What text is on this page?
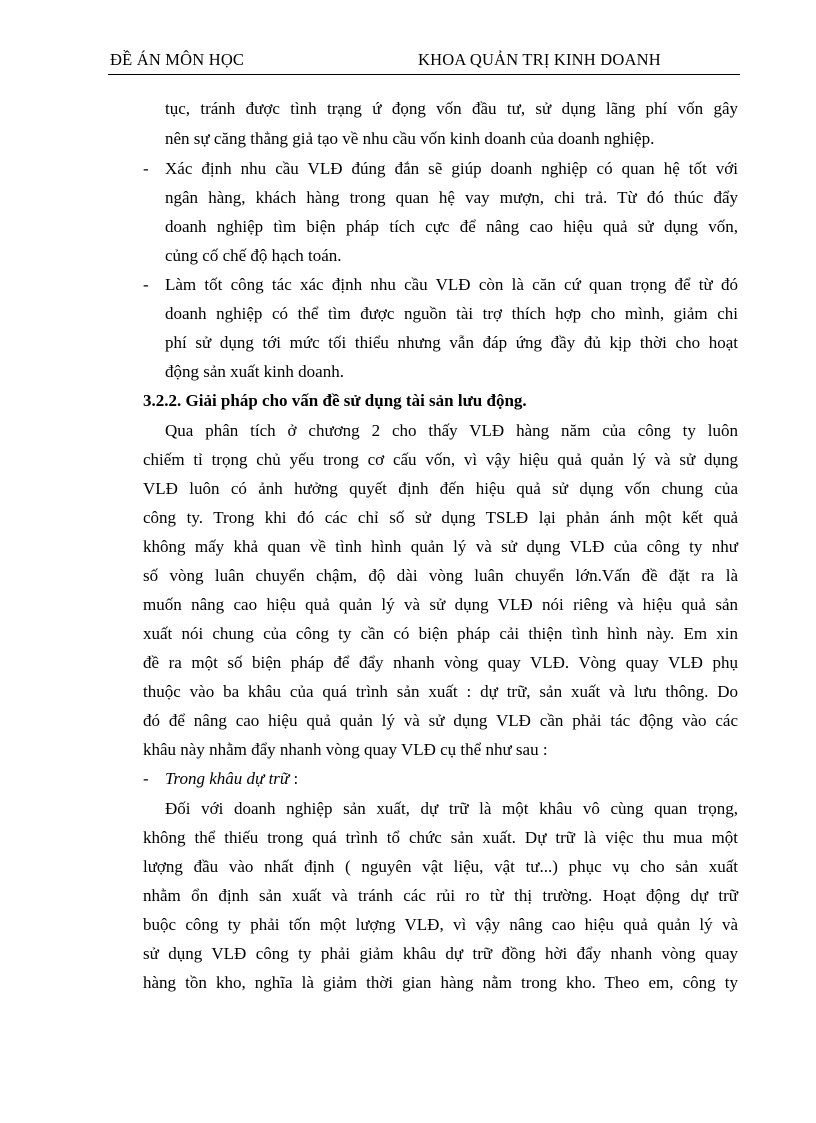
ĐỀ ÁN MÔN HỌC	KHOA QUẢN TRỊ KINH DOANH
tục, tránh được tình trạng ứ đọng vốn đầu tư, sử dụng lãng phí vốn gây
nên sự căng thẳng giả tạo về nhu cầu vốn kinh doanh của doanh nghiệp.
- Xác định nhu cầu VLĐ đúng đắn sẽ giúp doanh nghiệp có quan hệ tốt với
ngân hàng, khách hàng trong quan hệ vay mượn, chi trả. Từ đó thúc đẩy
doanh nghiệp tìm biện pháp tích cực để nâng cao hiệu quả sử dụng vốn,
củng cố chế độ hạch toán.
- Làm tốt công tác xác định nhu cầu VLĐ còn là căn cứ quan trọng để từ đó
doanh nghiệp có thể tìm được nguồn tài trợ thích hợp cho mình, giảm chi
phí sử dụng tới mức tối thiểu nhưng vẫn đáp ứng đầy đủ kịp thời cho hoạt
động sản xuất kinh doanh.
3.2.2. Giải pháp cho vấn đề sử dụng tài sản lưu động.
Qua phân tích ở chương 2 cho thấy VLĐ hàng năm của công ty luôn
chiếm tỉ trọng chủ yếu trong cơ cấu vốn, vì vậy hiệu quả quản lý và sử dụng
VLĐ luôn có ảnh hưởng quyết định đến hiệu quả sử dụng vốn chung của
công ty. Trong khi đó các chỉ số sử dụng TSLĐ lại phản ánh một kết quả
không mấy khả quan về tình hình quản lý và sử dụng VLĐ của công ty như
số vòng luân chuyển chậm, độ dài vòng luân chuyển lớn.Vấn đề đặt ra là
muốn nâng cao hiệu quả quản lý và sử dụng VLĐ nói riêng và hiệu quả sản
xuất nói chung của công ty cần có biện pháp cải thiện tình hình này. Em xin
đề ra một số biện pháp để đẩy nhanh vòng quay VLĐ. Vòng quay VLĐ phụ
thuộc vào ba khâu của quá trình sản xuất : dự trữ, sản xuất và lưu thông. Do
đó để nâng cao hiệu quả quản lý và sử dụng VLĐ cần phải tác động vào các
khâu này nhằm đẩy nhanh vòng quay VLĐ cụ thể như sau :
- Trong khâu dự trữ :
Đối với doanh nghiệp sản xuất, dự trữ là một khâu vô cùng quan trọng,
không thể thiếu trong quá trình tổ chức sản xuất. Dự trữ là việc thu mua một
lượng đầu vào nhất định ( nguyên vật liệu, vật tư...) phục vụ cho sản xuất
nhằm ổn định sản xuất và tránh các rủi ro từ thị trường. Hoạt động dự trữ
buộc công ty phải tốn một lượng VLĐ, vì vậy nâng cao hiệu quả quản lý và
sử dụng VLĐ công ty phải giảm khâu dự trữ đồng hời đẩy nhanh vòng quay
hàng tồn kho, nghĩa là giảm thời gian hàng nằm trong kho. Theo em, công ty
